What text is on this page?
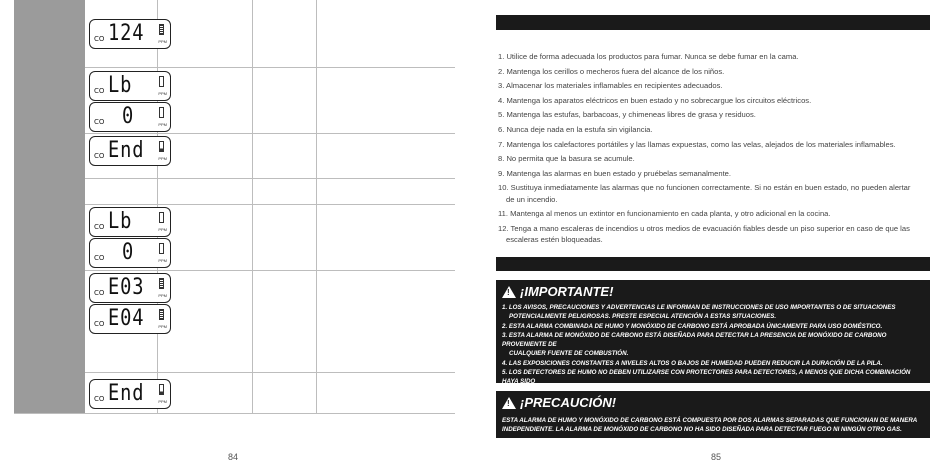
CO 124	PPM
CO Lb	PPM
CO 0	PPM
CO End	PPM
CO Lb	PPM
CO 0	PPM
CO E03	PPM
CO E04	PPM
CO End	PPM
84
1. Utilice de forma adecuada los productos para fumar. Nunca se debe fumar en la cama.
2. Mantenga los cerillos o mecheros fuera del alcance de los niños.
3. Almacenar los materiales inflamables en recipientes adecuados.
4. Mantenga los aparatos eléctricos en buen estado y no sobrecargue los circuitos eléctricos.
5. Mantenga las estufas, barbacoas, y chimeneas libres de grasa y residuos.
6. Nunca deje nada en la estufa sin vigilancia.
7. Mantenga los calefactores portátiles y las llamas expuestas, como las velas, alejados de los materiales inflamables.
8. No permita que la basura se acumule.
9. Mantenga las alarmas en buen estado y pruébelas semanalmente.
10. Sustituya inmediatamente las alarmas que no funcionen correctamente. Si no están en buen estado, no pueden alertar
de un incendio.
11. Mantenga al menos un extintor en funcionamiento en cada planta, y otro adicional en la cocina.
12. Tenga a mano escaleras de incendios u otros medios de evacuación fiables desde un piso superior en caso de que las
escaleras estén bloqueadas.
! ¡IMPORTANTE!

1. LOS AVISOS, PRECAUCIONES Y ADVERTENCIAS LE INFORMAN DE INSTRUCCIONES DE USO IMPORTANTES O DE SITUACIONES

POTENCIALMENTE PELIGROSAS. PRESTE ESPECIAL ATENCIÓN A ESTAS SITUACIONES.

2. ESTA ALARMA COMBINADA DE HUMO Y MONÓXIDO DE CARBONO ESTÁ APROBADA ÚNICAMENTE PARA USO DOMÉSTICO.

3. ESTA ALARMA DE MONÓXIDO DE CARBONO ESTÁ DISEÑADA PARA DETECTAR LA PRESENCIA DE MONÓXIDO DE CARBONO PROVENIENTE DE

CUALQUIER FUENTE DE COMBUSTIÓN.

4. LAS EXPOSICIONES CONSTANTES A NIVELES ALTOS O BAJOS DE HUMEDAD PUEDEN REDUCIR LA DURACIÓN DE LA PILA.

5. LOS DETECTORES DE HUMO NO DEBEN UTILIZARSE CON PROTECTORES PARA DETECTORES, A MENOS QUE DICHA COMBINACIÓN HAYA SIDO

! ¡PRECAUCIÓN!

ESTA ALARMA DE HUMO Y MONÓXIDO DE CARBONO ESTÁ COMPUESTA POR DOS ALARMAS SEPARADAS QUE FUNCIONAN DE MANERA

INDEPENDIENTE. LA ALARMA DE MONÓXIDO DE CARBONO NO HA SIDO DISEÑADA PARA DETECTAR FUEGO NI NINGÚN OTRO GAS.

85
